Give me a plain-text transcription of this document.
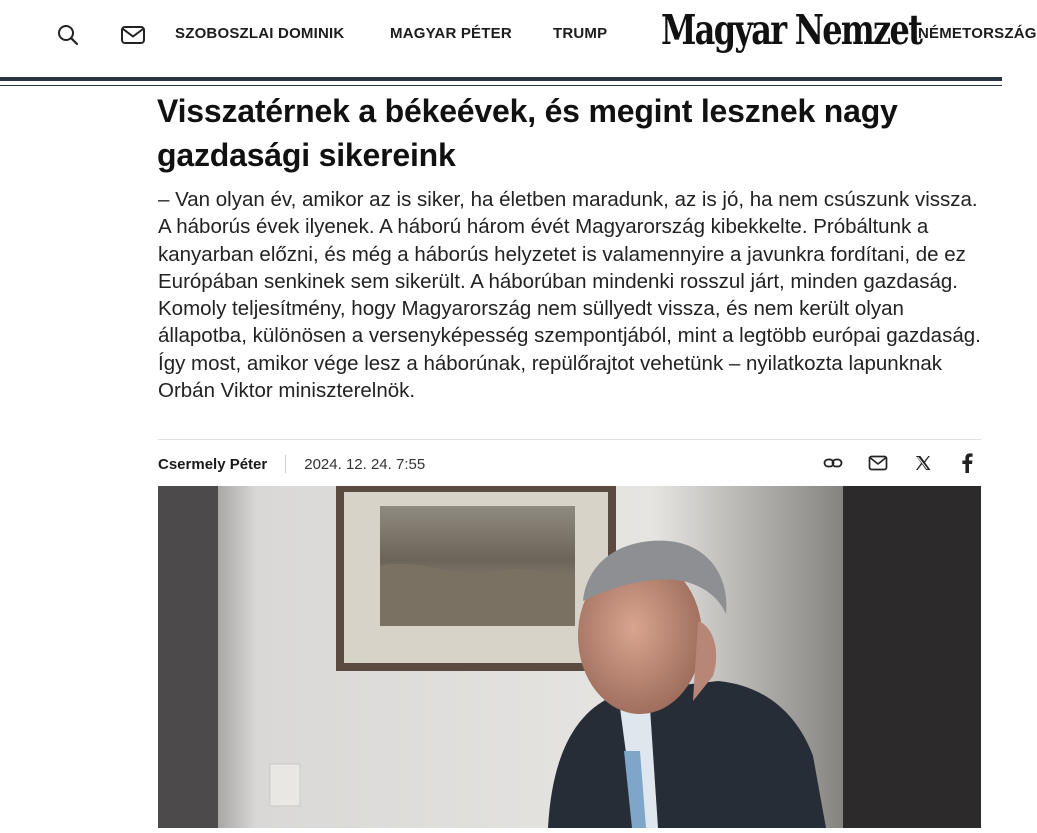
SZOBOSZLAI DOMINIK	MAGYAR PÉTER	TRUMP Magyar Nemzet
NÉMETORSZÁG
Visszatérnek a békeévek, és megint lesznek nagy gazdasági sikereink

– Van olyan év, amikor az is siker, ha életben maradunk, az is jó, ha nem csúszunk vissza. A háborús évek ilyenek. A háború három évét Magyarország kibekkelte. Próbáltunk a kanyarban előzni, és még a háborús helyzetet is valamennyire a javunkra fordítani, de ez Európában senkinek sem sikerült. A háborúban mindenki rosszul járt, minden gazdaság. Komoly teljesítmény, hogy Magyarország nem süllyedt vissza, és nem került olyan állapotba, különösen a versenyképesség szempontjából, mint a legtöbb európai gazdaság. Így most, amikor vége lesz a háborúnak, repülőrajtot vehetünk – nyilatkozta lapunknak Orbán Viktor miniszterelnök.

Csermely Péter 2024. 12. 24. 7:55
